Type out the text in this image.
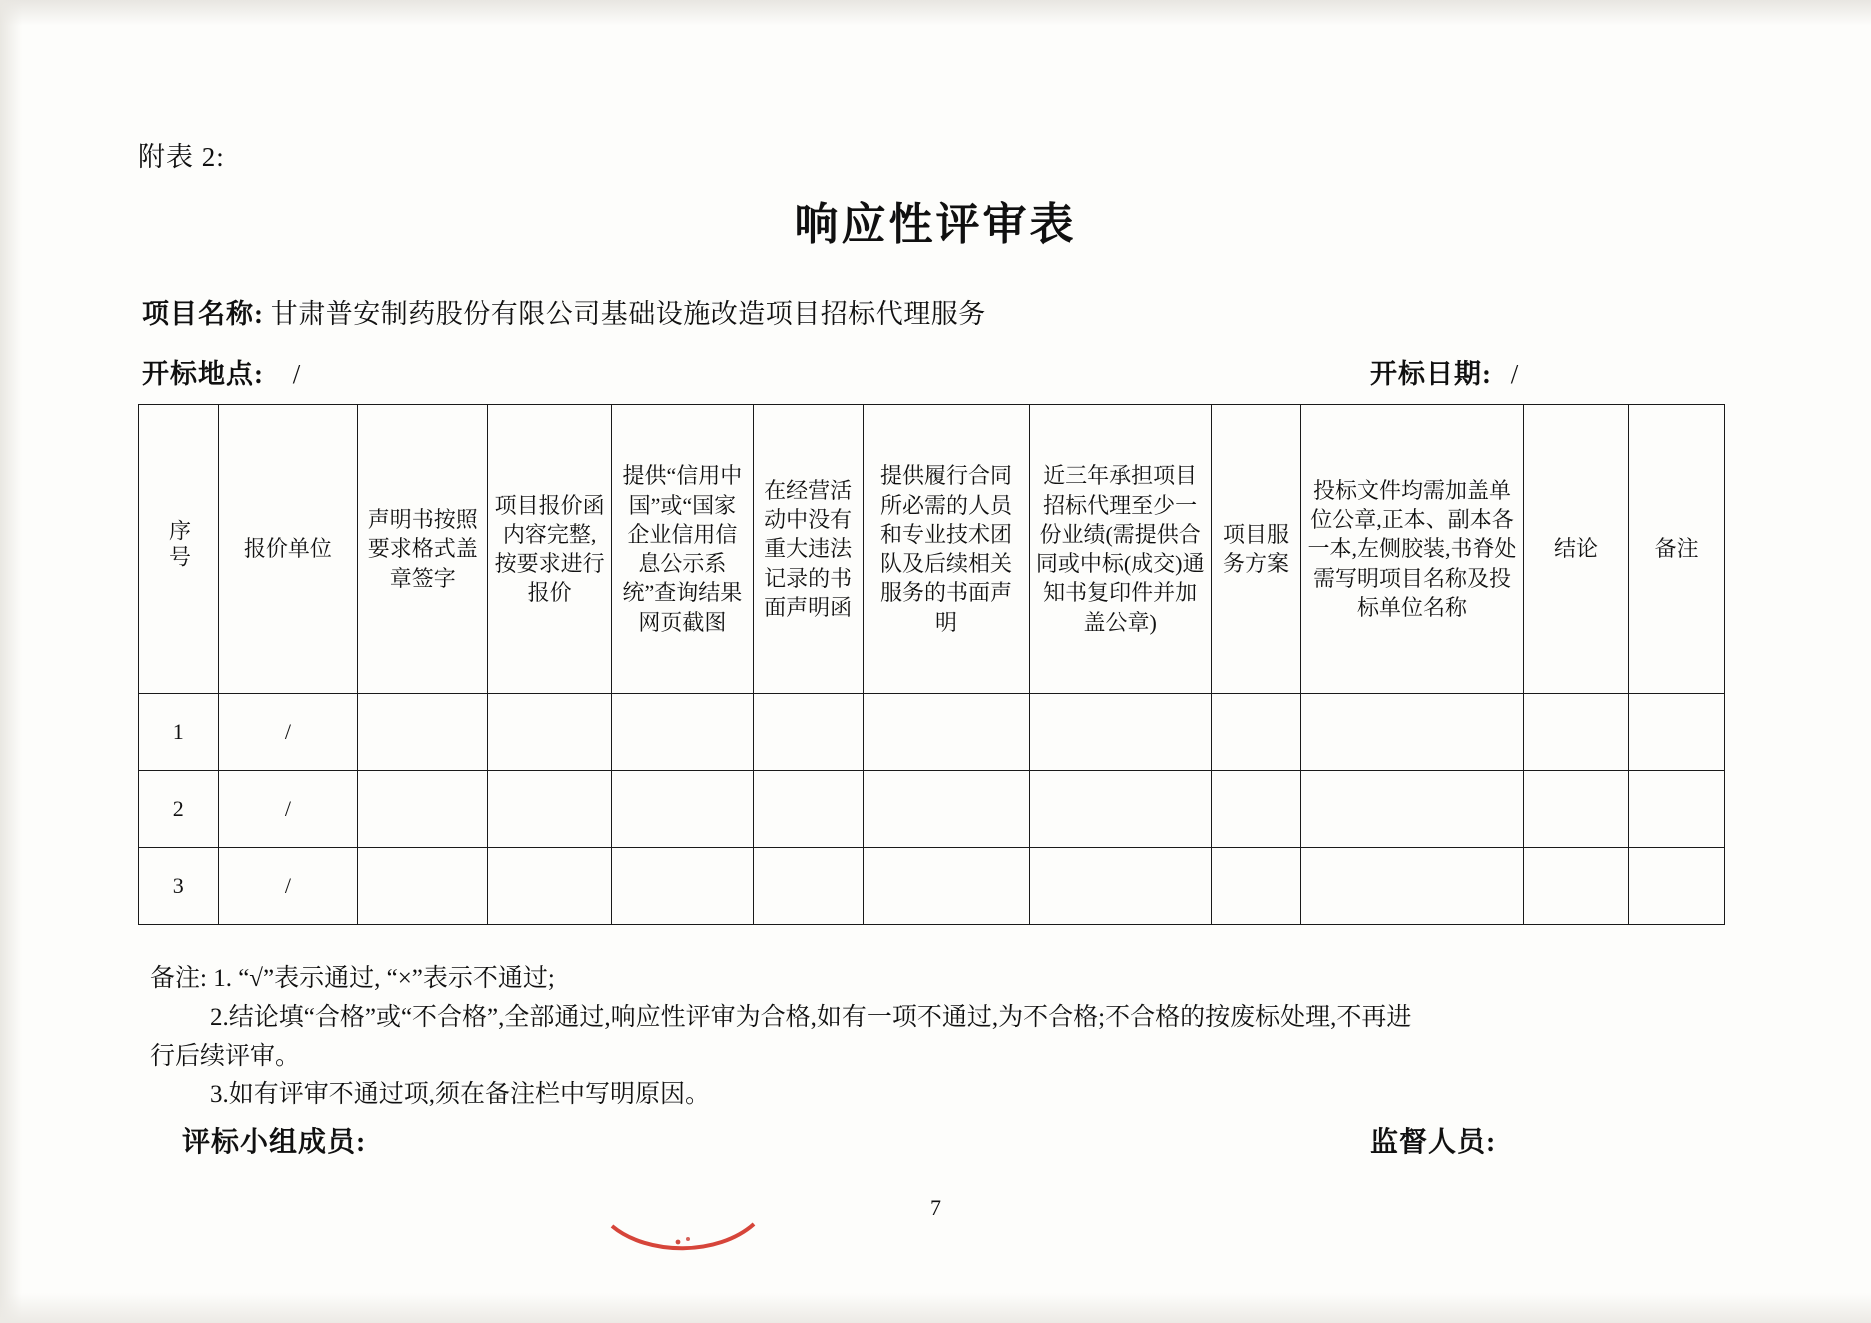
附表 2:
响应性评审表
项目名称: 甘肃普安制药股份有限公司基础设施改造项目招标代理服务
开标地点: /	开标日期: /
序号	报价单位	声明书按照要求格式盖章签字	项目报价函内容完整,按要求进行报价	提供“信用中国”或“国家企业信用信息公示系统”查询结果网页截图	在经营活动中没有重大违法记录的书面声明函	提供履行合同所必需的人员和专业技术团队及后续相关服务的书面声明	近三年承担项目招标代理至少一份业绩(需提供合同或中标(成交)通知书复印件并加盖公章)	项目服务方案	投标文件均需加盖单位公章,正本、副本各一本,左侧胶装,书脊处需写明项目名称及投标单位名称	结论	备注
1	/										
2	/										
3	/										
备注: 1. “√”表示通过, “×”表示不通过;
2.结论填“合格”或“不合格”,全部通过,响应性评审为合格,如有一项不通过,为不合格;不合格的按废标处理,不再进
行后续评审。
3.如有评审不通过项,须在备注栏中写明原因。
评标小组成员:	监督人员:
7
